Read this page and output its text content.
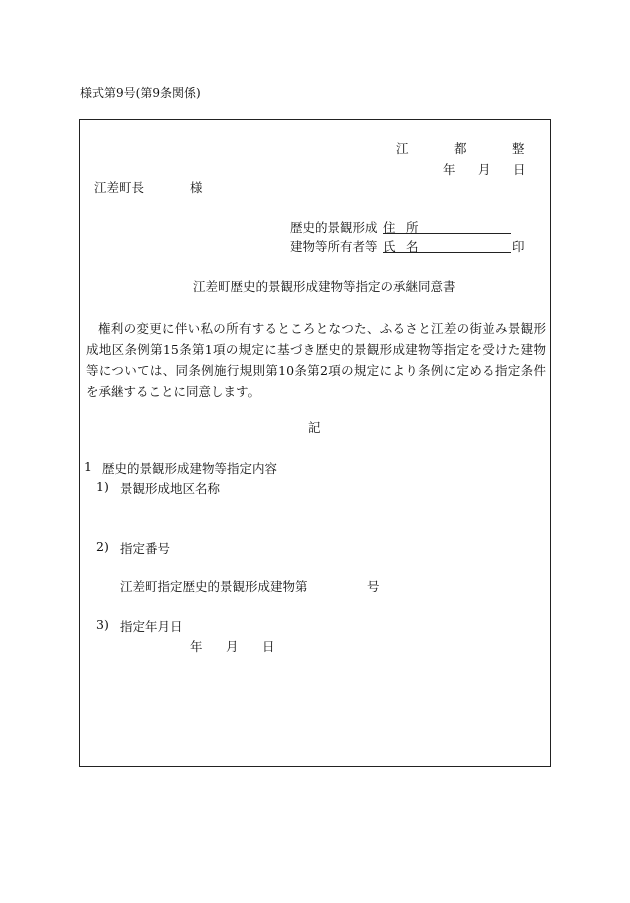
様式第9号(第9条関係)
江	都	整
年 月 日
江差町長	様
歴史的景観形成 住 所
建物等所有者等 氏 名	印
江差町歴史的景観形成建物等指定の承継同意書
権利の変更に伴い私の所有するところとなつた、ふるさと江差の街並み景観形成地区条例第15条第1項の規定に基づき歴史的景観形成建物等指定を受けた建物等については、同条例施行規則第10条第2項の規定により条例に定める指定条件を承継することに同意します。
記
1 歴史的景観形成建物等指定内容
1) 景観形成地区名称
2) 指定番号
江差町指定歴史的景観形成建物 第	号
3) 指定年月日
年 月 日
